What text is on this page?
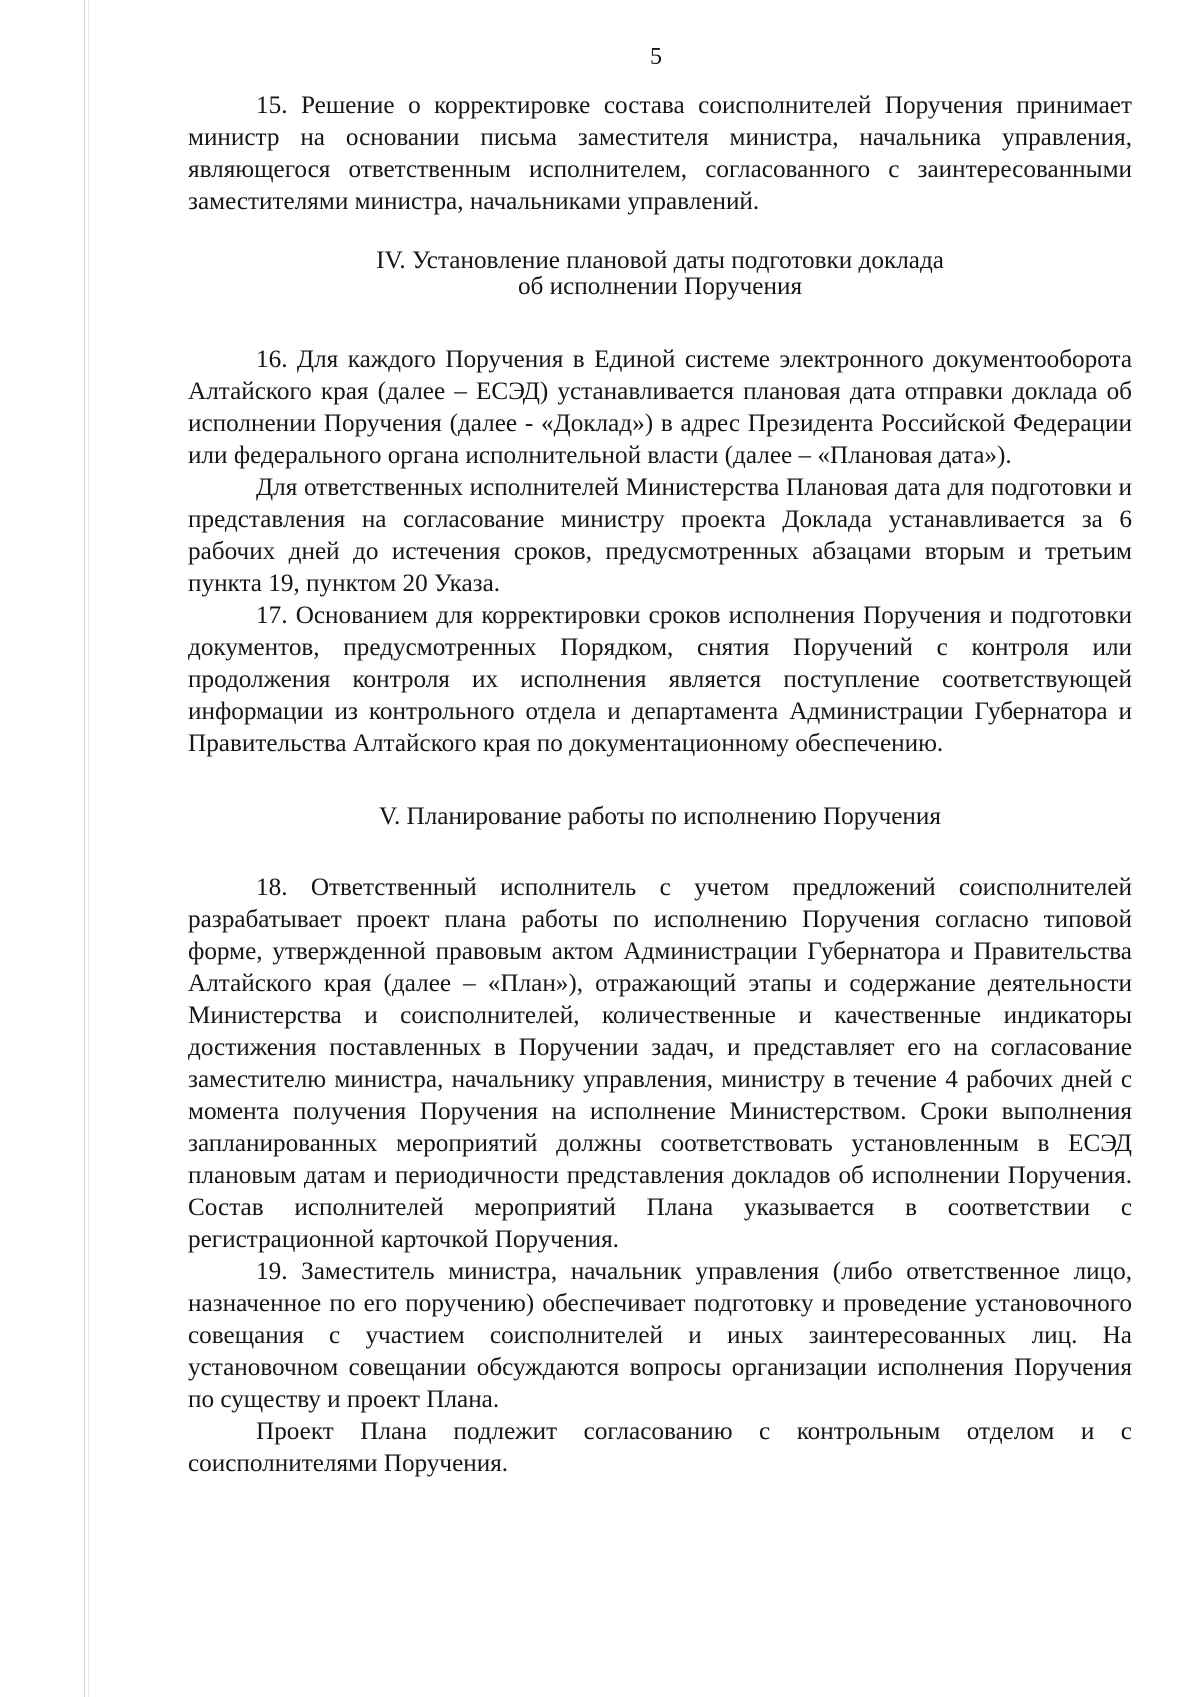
5

15. Решение о корректировке состава соисполнителей Поручения принимает министр на основании письма заместителя министра, начальника управления, являющегося ответственным исполнителем, согласованного с заинтересованными заместителями министра, начальниками управлений.

IV. Установление плановой даты подготовки доклада
об исполнении Поручения

16. Для каждого Поручения в Единой системе электронного документооборота Алтайского края (далее – ЕСЭД) устанавливается плановая дата отправки доклада об исполнении Поручения (далее - «Доклад») в адрес Президента Российской Федерации или федерального органа исполнительной власти (далее – «Плановая дата»).

Для ответственных исполнителей Министерства Плановая дата для подготовки и представления на согласование министру проекта Доклада устанавливается за 6 рабочих дней до истечения сроков, предусмотренных абзацами вторым и третьим пункта 19, пунктом 20 Указа.

17. Основанием для корректировки сроков исполнения Поручения и подготовки документов, предусмотренных Порядком, снятия Поручений с контроля или продолжения контроля их исполнения является поступление соответствующей информации из контрольного отдела и департамента Администрации Губернатора и Правительства Алтайского края по документационному обеспечению.

V. Планирование работы по исполнению Поручения

18. Ответственный исполнитель с учетом предложений соисполнителей разрабатывает проект плана работы по исполнению Поручения согласно типовой форме, утвержденной правовым актом Администрации Губернатора и Правительства Алтайского края (далее – «План»), отражающий этапы и содержание деятельности Министерства и соисполнителей, количественные и качественные индикаторы достижения поставленных в Поручении задач, и представляет его на согласование заместителю министра, начальнику управления, министру в течение 4 рабочих дней с момента получения Поручения на исполнение Министерством. Сроки выполнения запланированных мероприятий должны соответствовать установленным в ЕСЭД плановым датам и периодичности представления докладов об исполнении Поручения. Состав исполнителей мероприятий Плана указывается в соответствии с регистрационной карточкой Поручения.

19. Заместитель министра, начальник управления (либо ответственное лицо, назначенное по его поручению) обеспечивает подготовку и проведение установочного совещания с участием соисполнителей и иных заинтересованных лиц. На установочном совещании обсуждаются вопросы организации исполнения Поручения по существу и проект Плана.

Проект Плана подлежит согласованию с контрольным отделом и с соисполнителями Поручения.
